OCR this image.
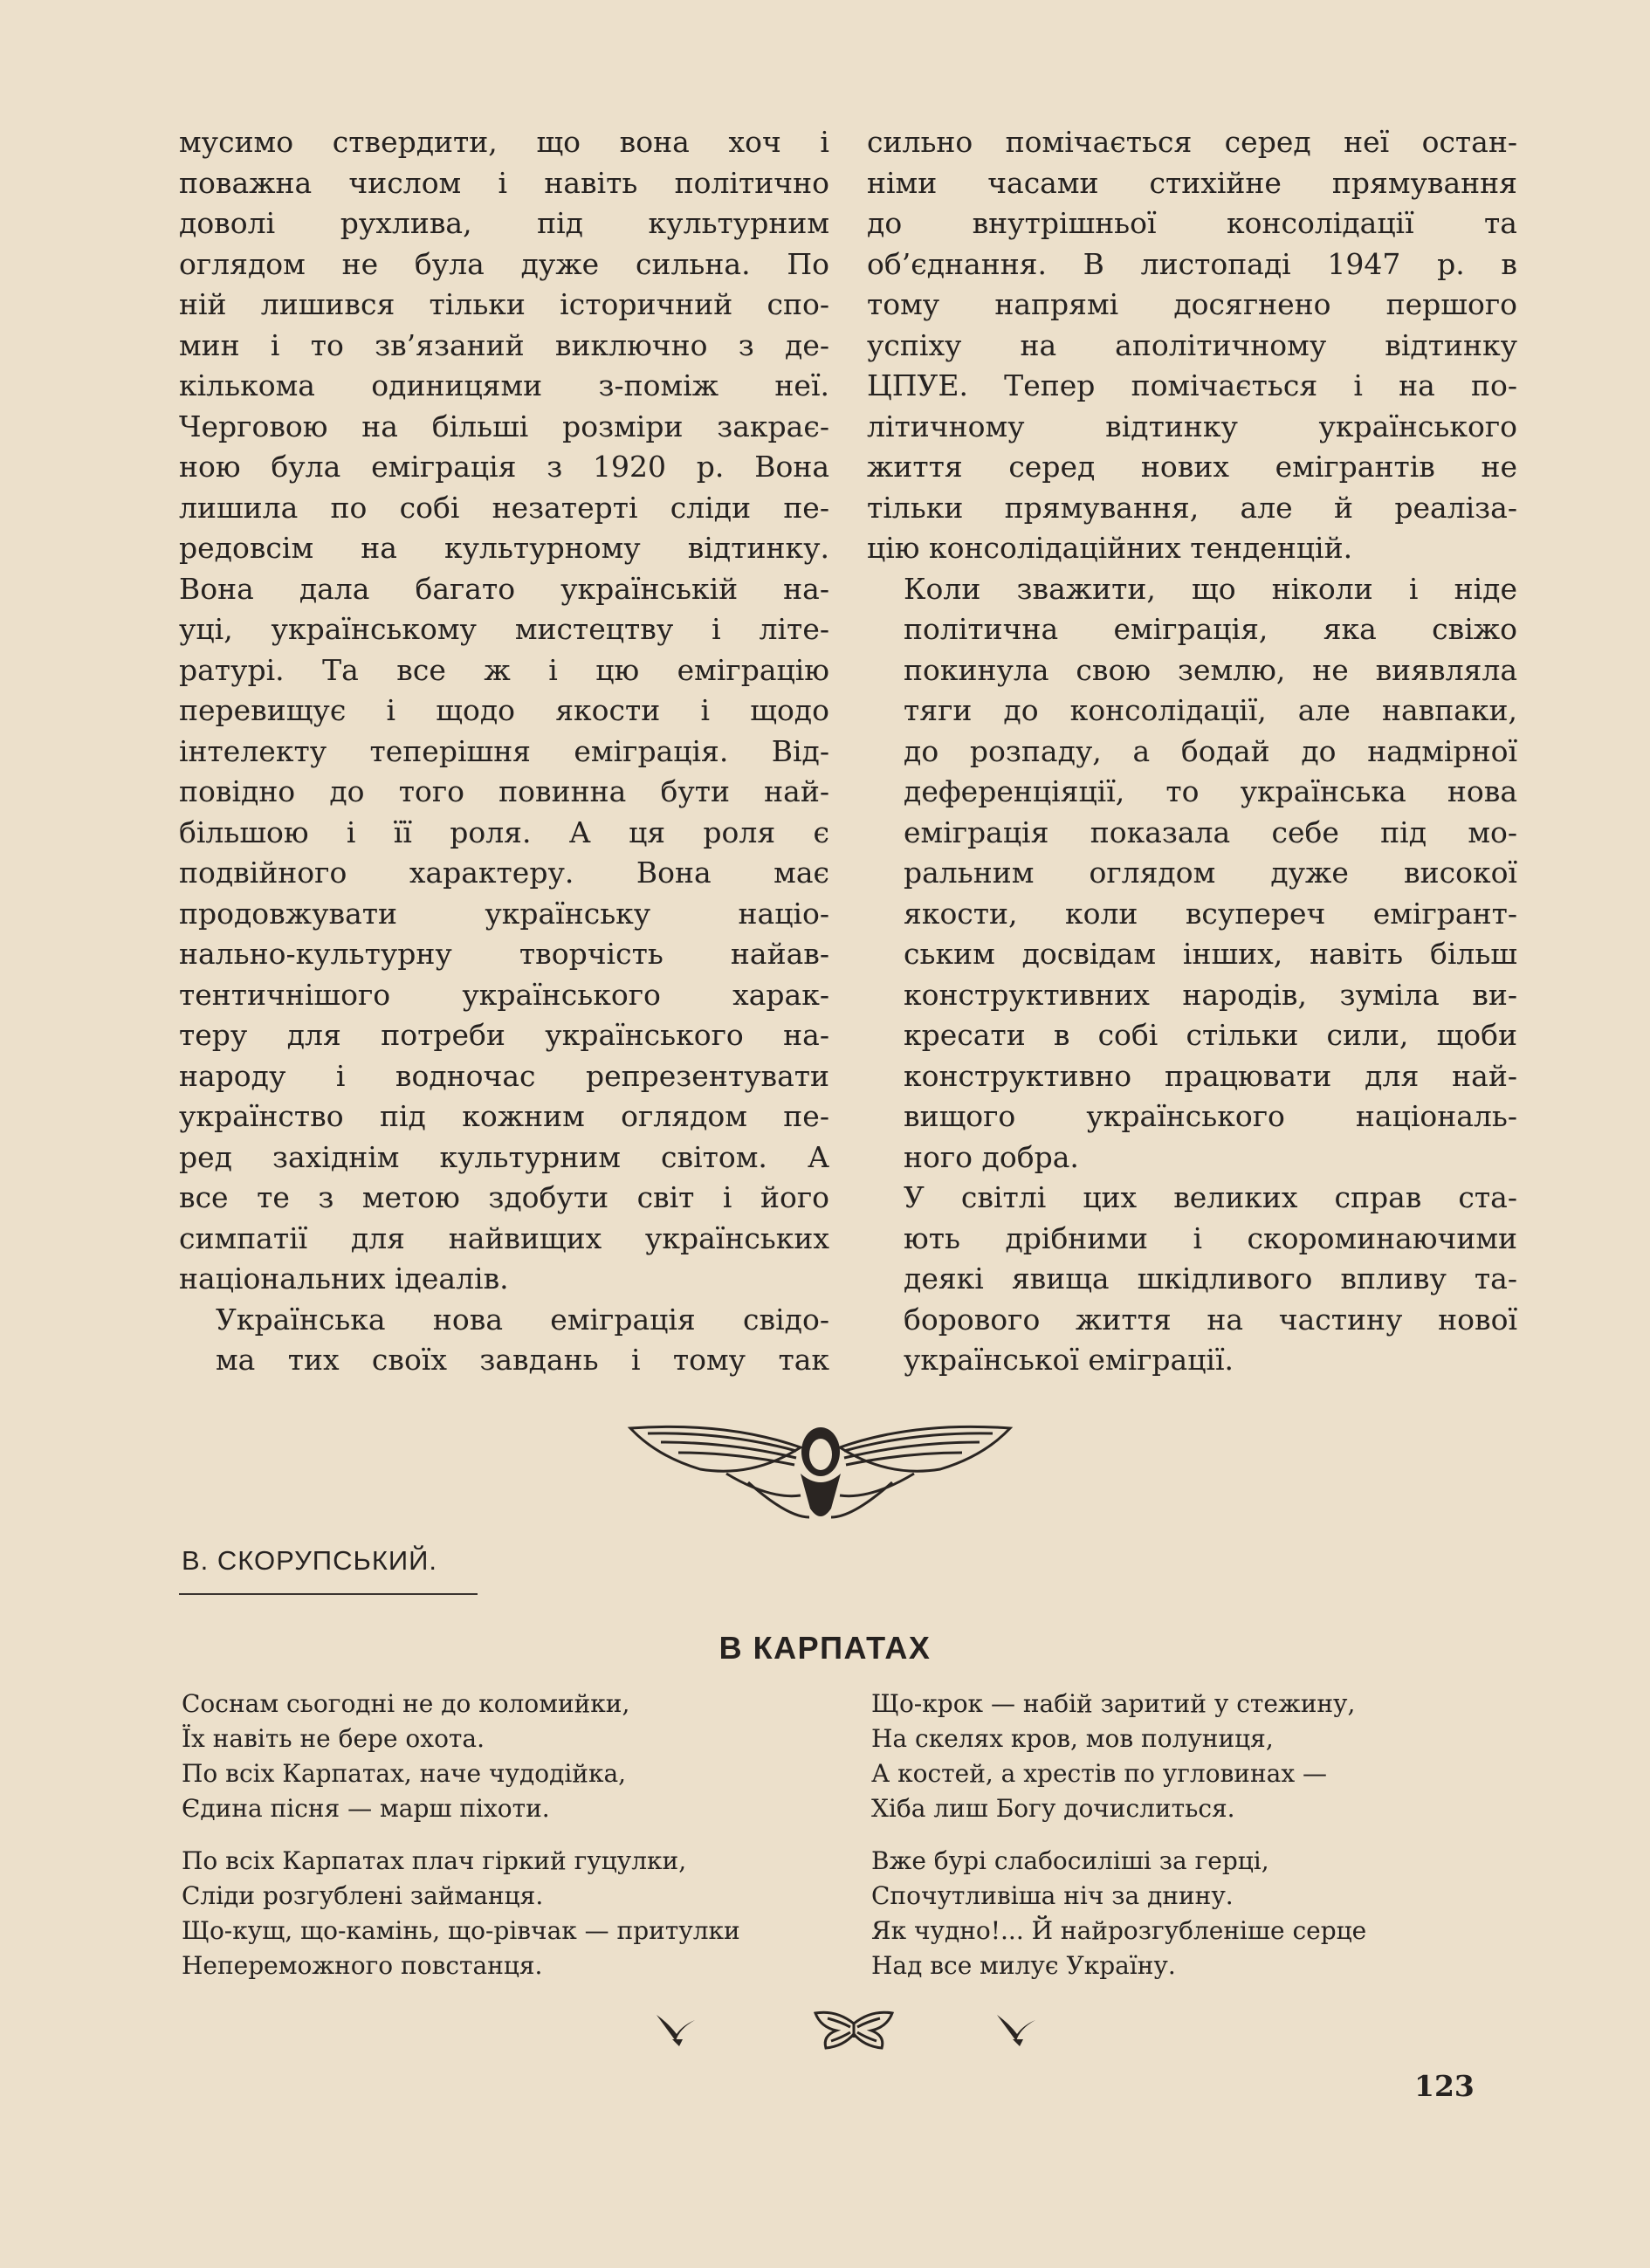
мусимо ствердити, що вона хоч і
поважна числом і навіть політично
доволі рухлива, під культурним
оглядом не була дуже сильна. По
ній лишився тільки історичний спо-
мин і то зв’язаний виключно з де-
кількома одиницями з-поміж неї.
Черговою на більші розміри закрає-
ною була еміграція з 1920 р. Вона
лишила по собі незатерті сліди пе-
редовсім на культурному відтинку.
Вона дала багато українській на-
уці, українському мистецтву і літе-
ратурі. Та все ж і цю еміграцію
перевищує і щодо якости і щодо
інтелекту теперішня еміграція. Від-
повідно до того повинна бути най-
більшою і її роля. А ця роля є
подвійного характеру. Вона має
продовжувати українську націо-
нально-культурну творчість найав-
тентичнішого українського харак-
теру для потреби українського на-
народу і водночас репрезентувати
українство під кожним оглядом пе-
ред західнім культурним світом. А
все те з метою здобути світ і його
симпатії для найвищих українських
національних ідеалів.

Українська нова еміграція свідо-
ма тих своїх завдань і тому так

сильно помічається серед неї остан-
німи часами стихійне прямування
до внутрішньої консолідації та
об’єднання. В листопаді 1947 р. в
тому напрямі досягнено першого
успіху на аполітичному відтинку
ЦПУЕ. Тепер помічається і на по-
літичному відтинку українського
життя серед нових емігрантів не
тільки прямування, але й реаліза-
цію консолідаційних тенденцій.

Коли зважити, що ніколи і ніде
політична еміграція, яка свіжо
покинула свою землю, не виявляла
тяги до консолідації, але навпаки,
до розпаду, а бодай до надмірної
деференціяції, то українська нова
еміграція показала себе під мо-
ральним оглядом дуже високої
якости, коли всупереч емігрант-
ським досвідам інших, навіть більш
конструктивних народів, зуміла ви-
кресати в собі стільки сили, щоби
конструктивно працювати для най-
вищого українського національ-
ного добра.

У світлі цих великих справ ста-
ють дрібними і скороминаючими
деякі явища шкідливого впливу та-
борового життя на частину нової
української еміграції.

В. СКОРУПСЬКИЙ.
В КАРПАТАХ
Соснам сьогодні не до коломийки,
Їх навіть не бере охота.
По всіх Карпатах, наче чудодійка,
Єдина пісня — марш піхоти.
Що-крок — набій заритий у стежину,
На скелях кров, мов полуниця,
А костей, а хрестів по угловинах —
Хіба лиш Богу дочислиться.
По всіх Карпатах плач гіркий гуцулки,
Сліди розгублені займанця.
Що-кущ, що-камінь, що-рівчак — притулки
Непереможного повстанця.
Вже бурі слабосиліші за герці,
Спочутливіша ніч за днину.
Як чудно!... Й найрозгубленіше серце
Над все милує Україну.
123
